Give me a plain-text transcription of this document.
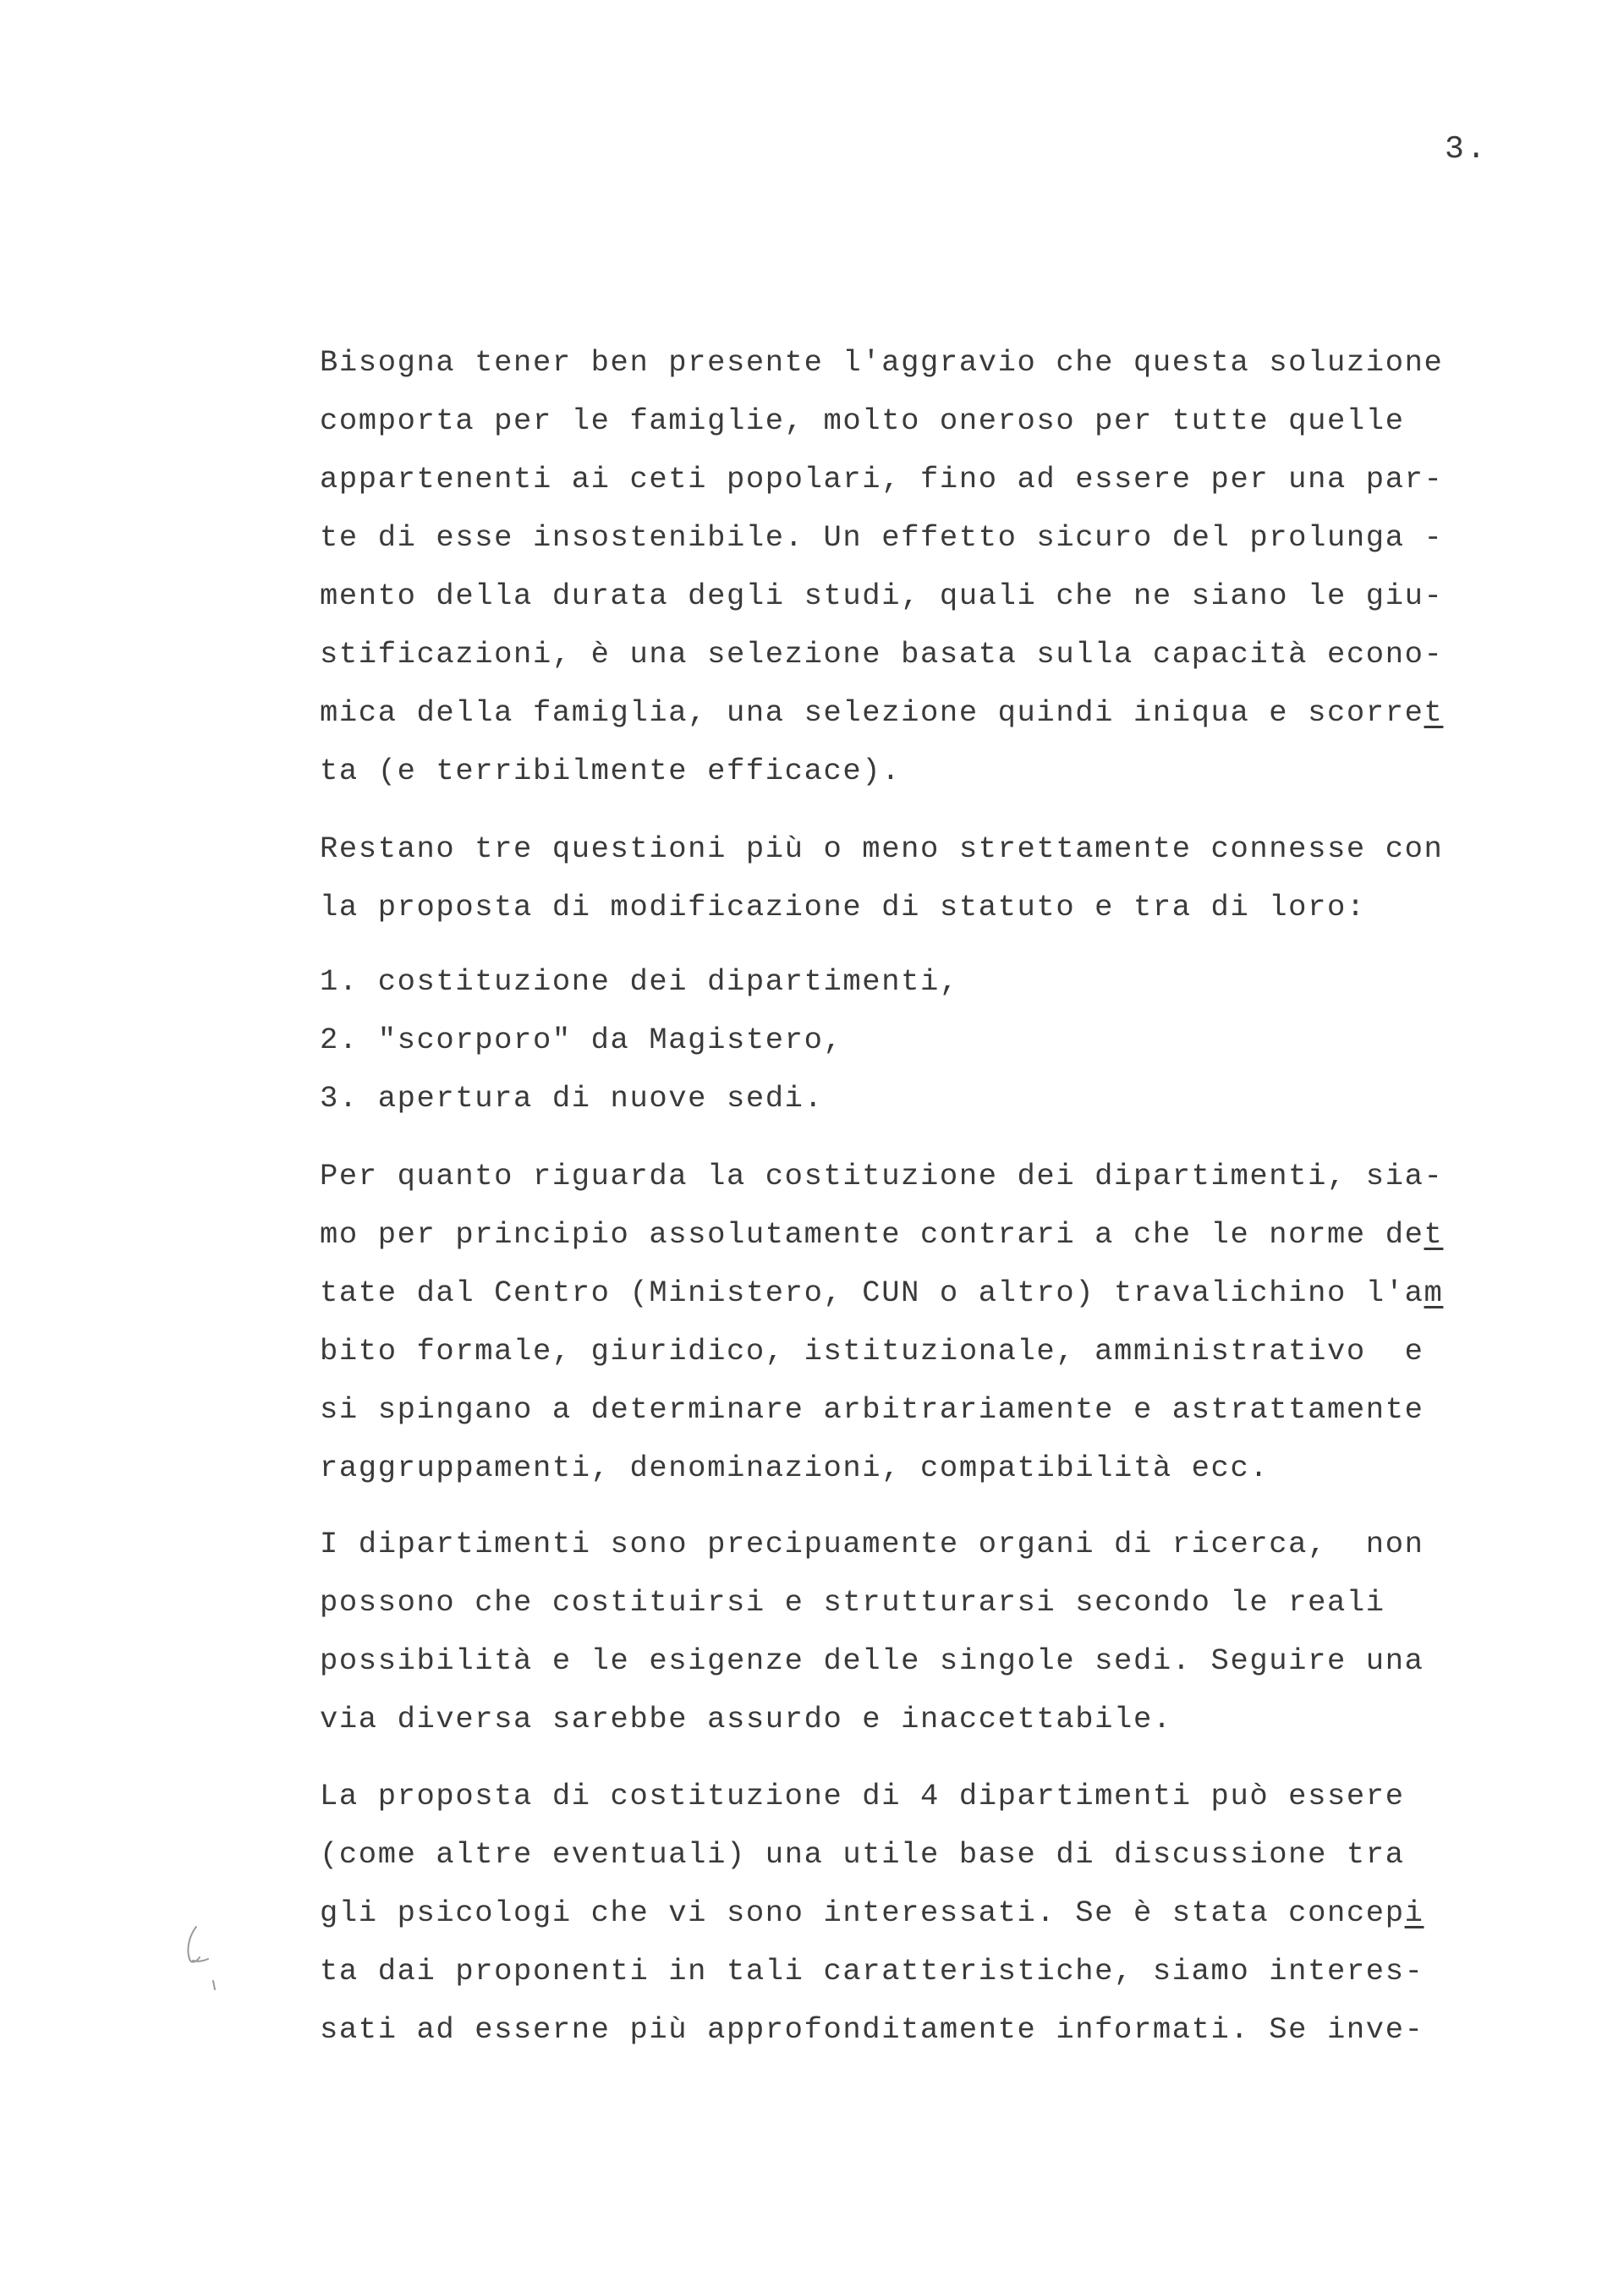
3.
Bisogna tener ben presente l'aggravio che questa soluzione
comporta per le famiglie, molto oneroso per tutte quelle
appartenenti ai ceti popolari, fino ad essere per una par-
te di esse insostenibile. Un effetto sicuro del prolunga -
mento della durata degli studi, quali che ne siano le giu-
stificazioni, è una selezione basata sulla capacità econo-
mica della famiglia, una selezione quindi iniqua e scorret
ta (e terribilmente efficace).
Restano tre questioni più o meno strettamente connesse con
la proposta di modificazione di statuto e tra di loro:
1. costituzione dei dipartimenti,
2. "scorporo" da Magistero,
3. apertura di nuove sedi.
Per quanto riguarda la costituzione dei dipartimenti, sia-
mo per principio assolutamente contrari a che le norme det
tate dal Centro (Ministero, CUN o altro) travalichino l'am
bito formale, giuridico, istituzionale, amministrativo  e
si spingano a determinare arbitrariamente e astrattamente
raggruppamenti, denominazioni, compatibilità ecc.
I dipartimenti sono precipuamente organi di ricerca,  non
possono che costituirsi e strutturarsi secondo le reali
possibilità e le esigenze delle singole sedi. Seguire una
via diversa sarebbe assurdo e inaccettabile.
La proposta di costituzione di 4 dipartimenti può essere
(come altre eventuali) una utile base di discussione tra
gli psicologi che vi sono interessati. Se è stata concepi
ta dai proponenti in tali caratteristiche, siamo interes-
sati ad esserne più approfonditamente informati. Se inve-
